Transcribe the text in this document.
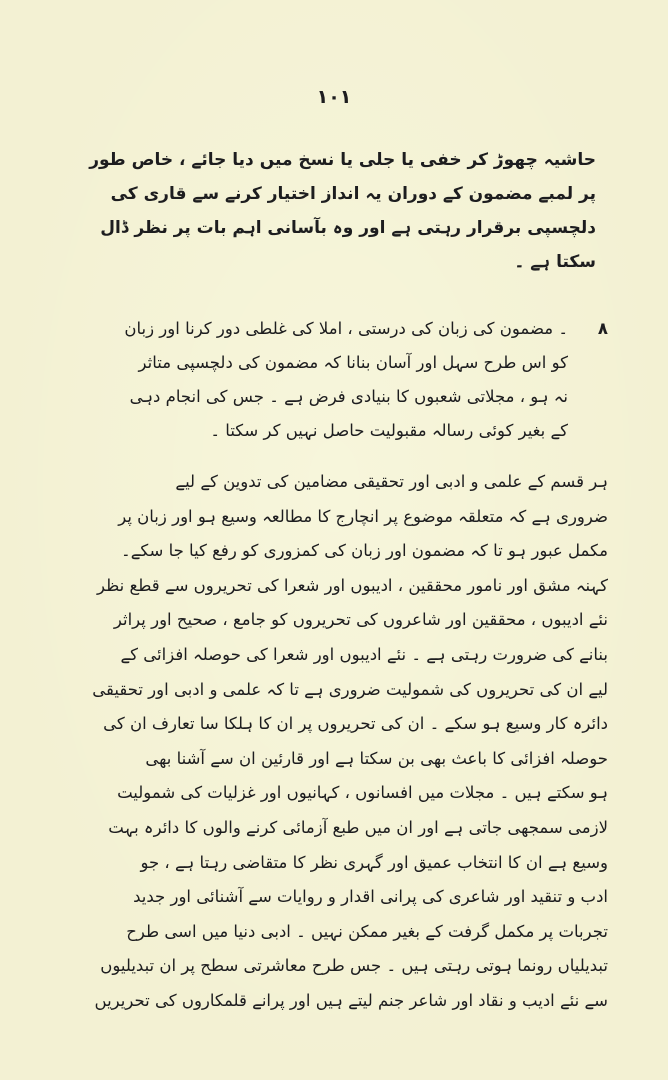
۱۰۱
حاشیہ چھوڑ کر خفی یا جلی یا نسخ میں دیا جائے ، خاص طور
پر لمبے مضمون کے دوران یہ انداز اختیار کرنے سے قاری کی
دلچسپی برقرار رہتی ہے اور وہ بآسانی اہم بات پر نظر ڈال
سکتا ہے ۔
۸
۔ مضمون کی زبان کی درستی ، املا کی غلطی دور کرنا اور زبان
کو اس طرح سہل اور آسان بنانا کہ مضمون کی دلچسپی متاثر
نہ ہو ، مجلاتی شعبوں کا بنیادی فرض ہے ۔ جس کی انجام دہی
کے بغیر کوئی رسالہ مقبولیت حاصل نہیں کر سکتا ۔
ہر قسم کے علمی و ادبی اور تحقیقی مضامین کی تدوین کے لیے
ضروری ہے کہ متعلقہ موضوع پر انچارج کا مطالعہ وسیع ہو اور زبان پر
مکمل عبور ہو تا کہ مضمون اور زبان کی کمزوری کو رفع کیا جا سکے۔
کہنہ مشق اور نامور محققین ، ادیبوں اور شعرا کی تحریروں سے قطع نظر
نئے ادیبوں ، محققین اور شاعروں کی تحریروں کو جامع ، صحیح اور پراثر
بنانے کی ضرورت رہتی ہے ۔ نئے ادیبوں اور شعرا کی حوصلہ افزائی کے
لیے ان کی تحریروں کی شمولیت ضروری ہے تا کہ علمی و ادبی اور تحقیقی
دائرہ کار وسیع ہو سکے ۔ ان کی تحریروں پر ان کا ہلکا سا تعارف ان کی
حوصلہ افزائی کا باعث بھی بن سکتا ہے اور قارئین ان سے آشنا بھی
ہو سکتے ہیں ۔ مجلات میں افسانوں ، کہانیوں اور غزلیات کی شمولیت
لازمی سمجھی جاتی ہے اور ان میں طبع آزمائی کرنے والوں کا دائرہ بہت
وسیع ہے ان کا انتخاب عمیق اور گہری نظر کا متقاضی رہتا ہے ، جو
ادب و تنقید اور شاعری کی پرانی اقدار و روایات سے آشنائی اور جدید
تجربات پر مکمل گرفت کے بغیر ممکن نہیں ۔ ادبی دنیا میں اسی طرح
تبدیلیاں رونما ہوتی رہتی ہیں ۔ جس طرح معاشرتی سطح پر ان تبدیلیوں
سے نئے ادیب و نقاد اور شاعر جنم لیتے ہیں اور پرانے قلمکاروں کی تحریریں
